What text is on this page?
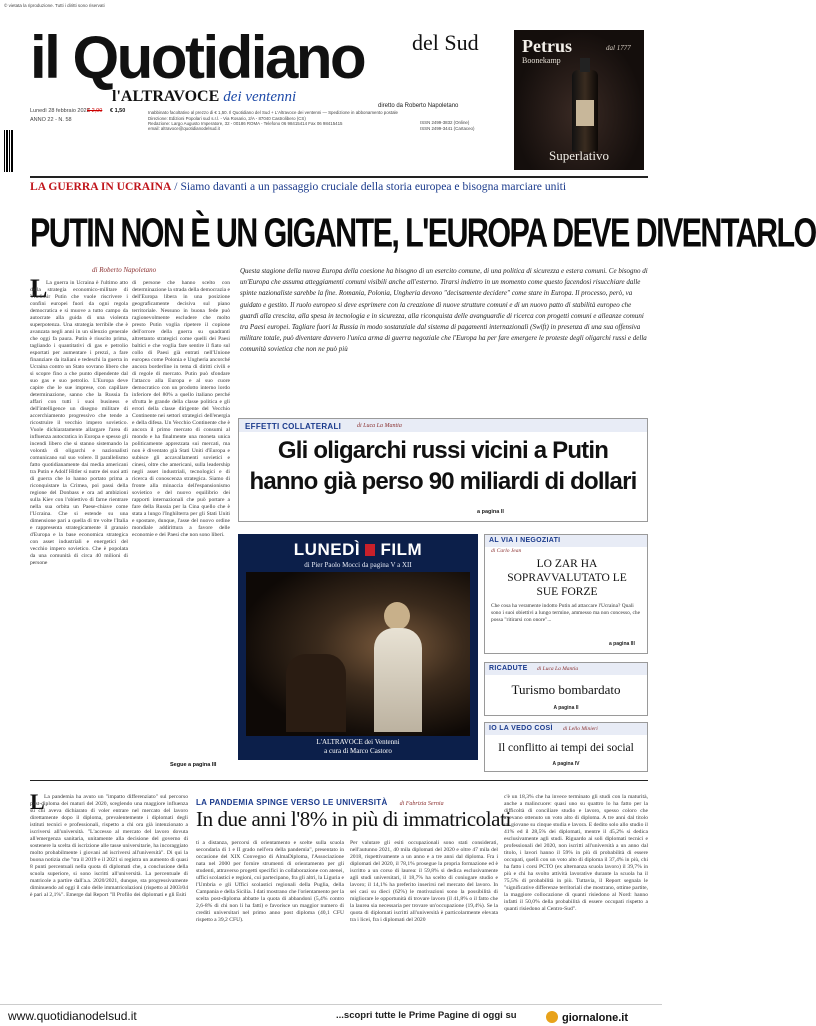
© vietata la riproduzione. Tutti i diritti sono riservati
il Quotidiano del Sud
l'ALTRAVOCE dei ventenni
diretto da Roberto Napoletano
Lunedì 28 febbraio 2022
€ 2,00 € 1,50
ANNO 22 - N. 58
Inabbinato facoltativo al prezzo di € 1,50. Il Quotidiano del Sud + L'Altravoce dei ventenni — Spedizione in abbonamento postale
Direzione: Edizioni Popolari sud s.r.l. - Via Rosario, 2/A - 87040 Castrolibero (CS)
Redazione: Largo Augusto Imperatore, 32 - 00186 ROMA - Telefono 06 98415414 Fax 06 98415415
email: altravoce@quotidianodelsud.it
ISSN 2499-3832 (Online)
ISSN 2499-3441 (Cartaceo)
Petrus
Boonekamp
dal 1777
Superlativo
LA GUERRA IN UCRAINA / Siamo davanti a un passaggio cruciale della storia europea e bisogna marciare uniti
PUTIN NON È UN GIGANTE, L'EUROPA DEVE DIVENTARLO
di Roberto Napoletano	Questa stagione della nuova Europa della coesione ha bisogno di un esercito comune, di una politica di sicurezza e estera comuni. Ce bisogno di un'Europa che assuma atteggiamenti comuni visibili anche all'esterno. Tirarsi indietro in un momento come questo facendosi risucchiare dalle spinte nazionaliste sarebbe la fine. Romania, Polonia, Ungheria devono "decisamente decidere" come stare in Europa. Il processo, però, va guidato e gestito. Il ruolo europeo si deve esprimere con la creazione di nuove strutture comuni e di un nuovo patto di stabilità europeo che guardi alla crescita, alla spesa in tecnologia e in sicurezza, alla riconquista delle avanguardie di ricerca con progetti comuni e alleanze comuni tra Paesi europei. Tagliare fuori la Russia in modo sostanziale dal sistema di pagamenti internazionali (Swift) in presenza di una sua offensiva militare totale, può diventare davvero l'unica arma di guerra negoziale che l'Europa ha per fare emergere le proteste degli oligarchi russi e della comunità sovietica che non ne può più
L
La guerra in Ucraina è l'ultimo atto della strategia economico-militare di Vladimir Putin che vuole riscrivere i confini europei fuori da ogni regola democratica e si muove a tutto campo da autocrate alla guida di una violenta superpotenza. Una strategia terribile che è avanzata negli anni in un silenzio generale che oggi fa paura. Putin è riuscito prima, tagliando i quantitativi di gas e petrolio esportati per aumentare i prezzi, a fare finanziare da italiani e tedeschi la guerra in Ucraina contro un Stato sovrano libero che si scopre fino a che punto dipendente dal suo gas e suo petrolio. L'Europa deve capire che le sue imprese, con capillare determinazione, sanno che la Russia fa affari con tutti i suoi business e dell'intelligence un disegno militare di accerchiamento progressivo che tende a ricostruire il vecchio impero sovietico. Vuole dichiaratamente allargare l'area di influenza autocratica in Europa e spesso gli incendi libero che si stanno sistemando la volontà di oligarchi e nazionalisti comunicano sul suo volere. Il parallelismo fatto quotidianamente dai media americani tra Putin e Adolf Hitler si nutre dei suoi atti di guerra che lo hanno portato prima a riconquistare la Crimea, poi passi della regione del Donbass e ora ad ambizioni sulla Kiev con l'obiettivo di farne rientrare nella sua orbita un Paese-chiave come l'Ucraina. Che si estende su una dimensione pari a quella di tre volte l'Italia e rappresenta strategicamente il granaio d'Europa e la base economica strategica con asset industriali e energetici del vecchio impero sovietico. Che è popolata da una comunità di circa 40 milioni di persone
di persone che hanno scelto con determinazione la strada della democrazia e dell'Europa libera in una posizione geograficamente decisiva sul piano territoriale. Nessuno in buona fede può ragionevolmente escludere che molto presto Putin voglia ripetere il copione dell'orrore della guerra su quadranti altrettanto strategici come quelli dei Paesi baltici e che voglia fare sentire il fiato sul collo di Paesi già entrati nell'Unione europea come Polonia e Ungheria ancorché ancora borderline in tema di diritti civili e di regole di mercato. Putin può sfondare l'attacco alla Europa e al suo cuore democratico con un prodotto interno lordo inferiore del 80% a quello italiano perché sfrutta le grande della classe politica e gli errori della classe dirigente del Vecchio Continente nei settori strategici dell'energia e della difesa. Un Vecchio Continente che è ancora il primo mercato di consumi al mondo e ha finalmente una moneta unica politicamente apprezzata sui mercati, ma non è diventato già Stati Uniti d'Europa e subisce gli accavallamenti sovietici e cinesi, oltre che americani, sulla leadership negli asset industriali, tecnologici e di ricerca di conoscenza strategica. Siamo di fronte alla minaccia dell'espansionismo sovietico e del nuovo equilibrio dei rapporti internazionali che può portare a fare della Russia per la Cina quello che è stata a lungo l'Inghilterra per gli Stati Uniti e spostare, dunque, l'asse del nuovo ordine mondiale addirittura a favore delle economie e dei Paesi che non sono liberi.
Segue a pagina III
EFFETTI COLLATERALI	di Luca La Mantia
Gli oligarchi russi vicini a Putin hanno già perso 90 miliardi di dollari
a pagina II
LUNEDÌ FILM
di Pier Paolo Mocci da pagina V a XII
L'ALTRAVOCE dei Ventenni
a cura di Marco Castoro
AL VIA I NEGOZIATI
di Carlo Jean
LO ZAR HA SOPRAVVALUTATO LE SUE FORZE
Che cosa ha veramente indotto Putin ad attaccare l'Ucraina? Quali sono i suoi obiettivi a lungo termine, ammesso ma non concesso, che possa "ritirarsi con onore"...
a pagina III
RICADUTE di Luca La Mantia
Turismo bombardato
A pagina II
IO LA VEDO COSÌ di Lello Minieri
Il conflitto ai tempi dei social
A pagina IV
LA PANDEMIA SPINGE VERSO LE UNIVERSITÀ di Fabrizia Sernia
In due anni l'8% in più di immatricolati
L La pandemia ha avuto un "impatto differenziato" sul percorso post-diploma dei maturi del 2020, sceglendo una maggiore influenza su chi aveva dichiarato di voler entrare nel mercato del lavoro direttamente dopo il diploma, prevalentemente i diplomati degli istituti tecnici e professionali, rispetto a chi ora già intenzionato a iscriversi all'università. "L'accesso al mercato del lavoro dovuta all'emergenza sanitaria, unitamente alla decisione del governo di sostenere la scelta di iscrizione alle tasse universitarie, ha incoraggiato molto probabilmente i giovani ad iscriversi all'università". Di qui la buona notizia che "tra il 2019 e il 2021 si registra un aumento di quasi 8 punti percentuali nella quota di diplomati che, a conclusione della scuola superiore, si sono iscritti all'università. La percentuale di matricole a partire dall'a.a. 2020/2021, dunque, sta progressivamente diminuendo ad oggi il calo delle immatricolazioni (rispetto al 2003/04 è pari al 2,1%". Emerge dal Report "Il Profilo dei diplomati e gli Esiti
ti a distanza, percorsi di orientamento e scelte sulla scuola secondaria di 1 e II grado nell'era della pandemia", presentato in occasione del XIX Convegno di AlmaDiploma, l'Associazione nata nel 2000 per fornire strumenti di orientamento per gli studenti, attraverso progetti specifici in collaborazione con atenei, uffici scolastici e regioni, cui partecipano, fra gli altri, la Liguria e l'Umbria e gli Uffici scolastici regionali della Puglia, della Campania e della Sicilia. I dati mostrano che l'orientamento per la scelta post-diploma abbatte la quota di abbandoni (5,4% contro 2,6-8% di chi non li ha fatti) e favorisce un maggior numero di crediti universitari nel primo anno post diploma (40,1 CFU rispetto a 39,2 CFU).
Per valutare gli esiti occupazionali sono stati considerati, nell'autunno 2021, 40 mila diplomati del 2020 e oltre 47 mila del 2018, rispettivamente a un anno e a tre anni dal diploma. Fra i diplomati del 2020, il 78,1% prosegue la propria formazione ed è iscritto a un corso di laurea: il 59,8% si dedica esclusivamente agli studi universitari, il 18,7% ha scelto di coniugare studio e lavoro; il 14,1% ha preferito inserirsi nel mercato del lavoro. In sei casi su dieci (62%) le motivazioni sono la possibilità di migliorare le opportunità di trovare lavoro (il 41,8% o il fatto che la laurea sia necessaria per trovare un'occupazione (19,4%). Se la quota di diplomati iscritti all'università è particolarmente elevata tra i licei, fra i diplomati del 2020
c'è un 18,3% che ha invece terminato gli studi con la maturità, anche a malincuore: quasi uno su quattro lo ha fatto per la difficoltà di conciliare studio e lavoro, spesso coloro che avevano ottenuto un voto alto di diploma. A tre anni dal titolo un giovane su cinque studia e lavora. E dedito solo allo studio il 41% ed il 28,5% dei diplomati, mentre il 45,2% si dedica esclusivamente agli studi. Riguardo ai soli diplomati tecnici e professionali del 2020, non iscritti all'università a un anno dal titolo, i lavori hanno il 59% in più di probabilità di essere occupati, quelli con un voto alto di diploma il 37,4% in più, chi ha fatto i corsi PCTO (ex alternanza scuola lavoro) il 39,7% in più e chi ha svolto attività lavorative durante la scuola ha il 75,5% di probabilità in più. Tuttavia, il Report segnala le "significative differenze territoriali che mostrano, ottime partite, la maggiore collocazione di quanti risiedono al Nord: hanno infatti il 50,0% della probabilità di essere occupati rispetto a quanti risiedono al Centro-Sud".
www.quotidianodelsud.it	...scopri tutte le Prime Pagine di oggi su	giornalone.it
